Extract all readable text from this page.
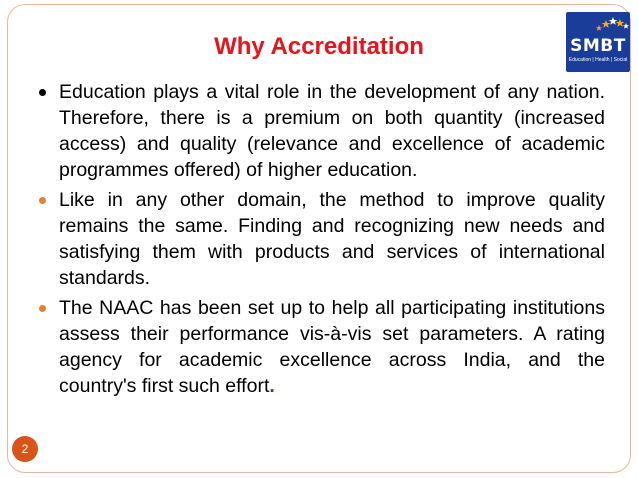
Why Accreditation	SMBT
Education | Health | Social
Education plays a vital role in the development of any nation. Therefore, there is a premium on both quantity (increased access) and quality (relevance and excellence of academic programmes offered) of higher education.
Like in any other domain, the method to improve quality remains the same. Finding and recognizing new needs and satisfying them with products and services of international standards.
The NAAC has been set up to help all participating institutions assess their performance vis-à-vis set parameters. A rating agency for academic excellence across India, and the country's first such effort.
2
